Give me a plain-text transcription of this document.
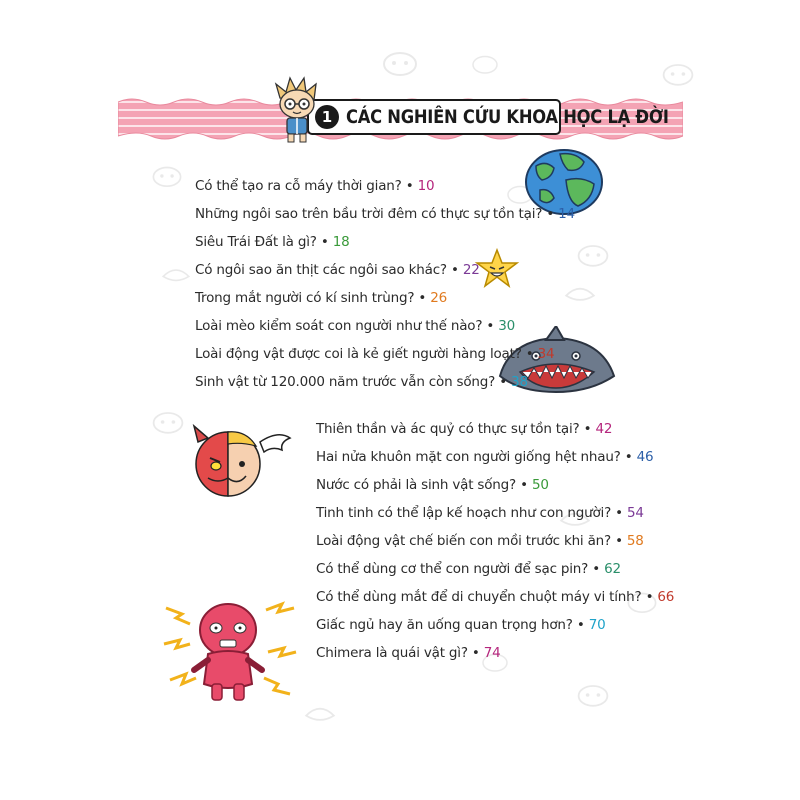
1 CÁC NGHIÊN CỨU KHOA HỌC LẠ ĐỜI
Có thể tạo ra cỗ máy thời gian? • 10
Những ngôi sao trên bầu trời đêm có thực sự tồn tại? • 14
Siêu Trái Đất là gì? • 18
Có ngôi sao ăn thịt các ngôi sao khác? • 22
Trong mắt người có kí sinh trùng? • 26
Loài mèo kiểm soát con người như thế nào? • 30
Loài động vật được coi là kẻ giết người hàng loạt? • 34
Sinh vật từ 120.000 năm trước vẫn còn sống? • 38
Thiên thần và ác quỷ có thực sự tồn tại? • 42
Hai nửa khuôn mặt con người giống hệt nhau? • 46
Nước có phải là sinh vật sống? • 50
Tinh tinh có thể lập kế hoạch như con người? • 54
Loài động vật chế biến con mồi trước khi ăn? • 58
Có thể dùng cơ thể con người để sạc pin? • 62
Có thể dùng mắt để di chuyển chuột máy vi tính? • 66
Giấc ngủ hay ăn uống quan trọng hơn? • 70
Chimera là quái vật gì? • 74
